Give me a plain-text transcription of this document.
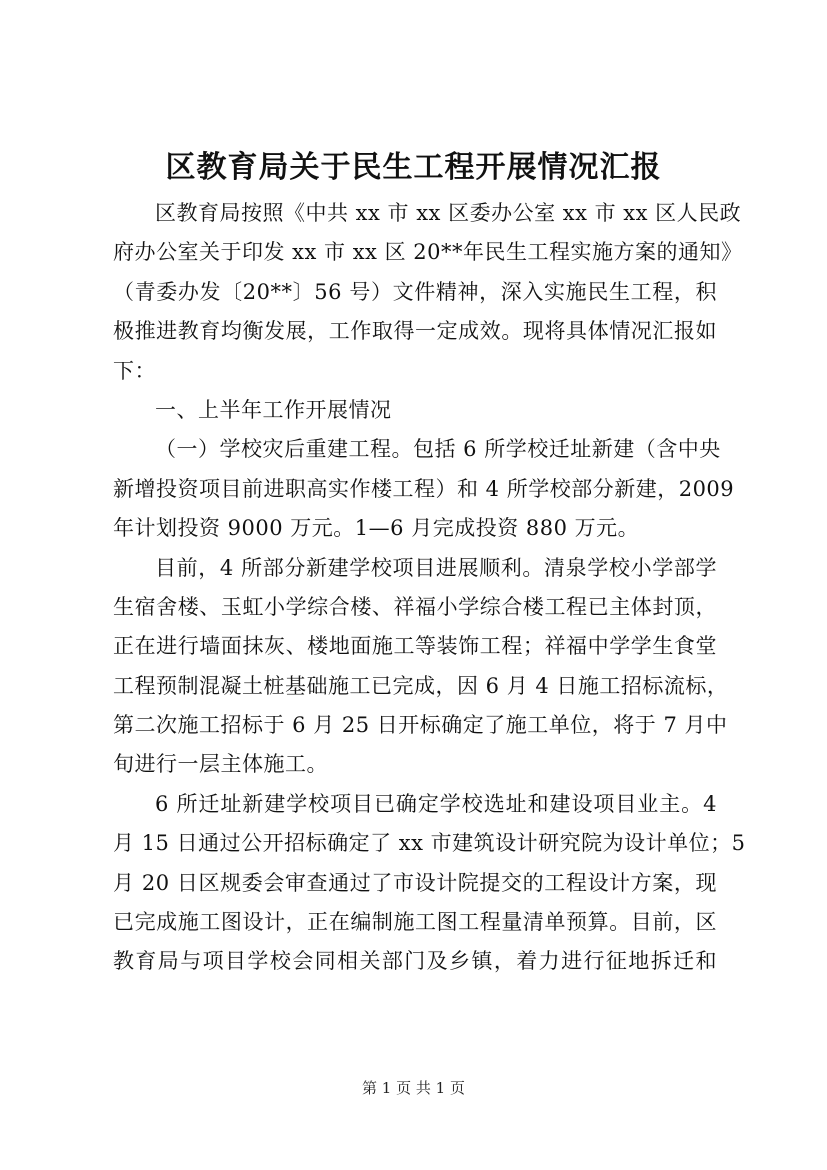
区教育局关于民生工程开展情况汇报
区教育局按照《中共 xx 市 xx 区委办公室 xx 市 xx 区人民政
府办公室关于印发 xx 市 xx 区 20**年民生工程实施方案的通知》
（青委办发〔20**〕56 号）文件精神，深入实施民生工程，积
极推进教育均衡发展，工作取得一定成效。现将具体情况汇报如
下：
一、上半年工作开展情况
（一）学校灾后重建工程。包括 6 所学校迁址新建（含中央
新增投资项目前进职高实作楼工程）和 4 所学校部分新建，2009
年计划投资 9000 万元。1—6 月完成投资 880 万元。
目前，4 所部分新建学校项目进展顺利。清泉学校小学部学
生宿舍楼、玉虹小学综合楼、祥福小学综合楼工程已主体封顶，
正在进行墙面抹灰、楼地面施工等装饰工程；祥福中学学生食堂
工程预制混凝土桩基础施工已完成，因 6 月 4 日施工招标流标，
第二次施工招标于 6 月 25 日开标确定了施工单位，将于 7 月中
旬进行一层主体施工。
6 所迁址新建学校项目已确定学校选址和建设项目业主。4
月 15 日通过公开招标确定了 xx 市建筑设计研究院为设计单位；5
月 20 日区规委会审查通过了市设计院提交的工程设计方案，现
已完成施工图设计，正在编制施工图工程量清单预算。目前，区
教育局与项目学校会同相关部门及乡镇，着力进行征地拆迁和
第 1 页 共 1 页
